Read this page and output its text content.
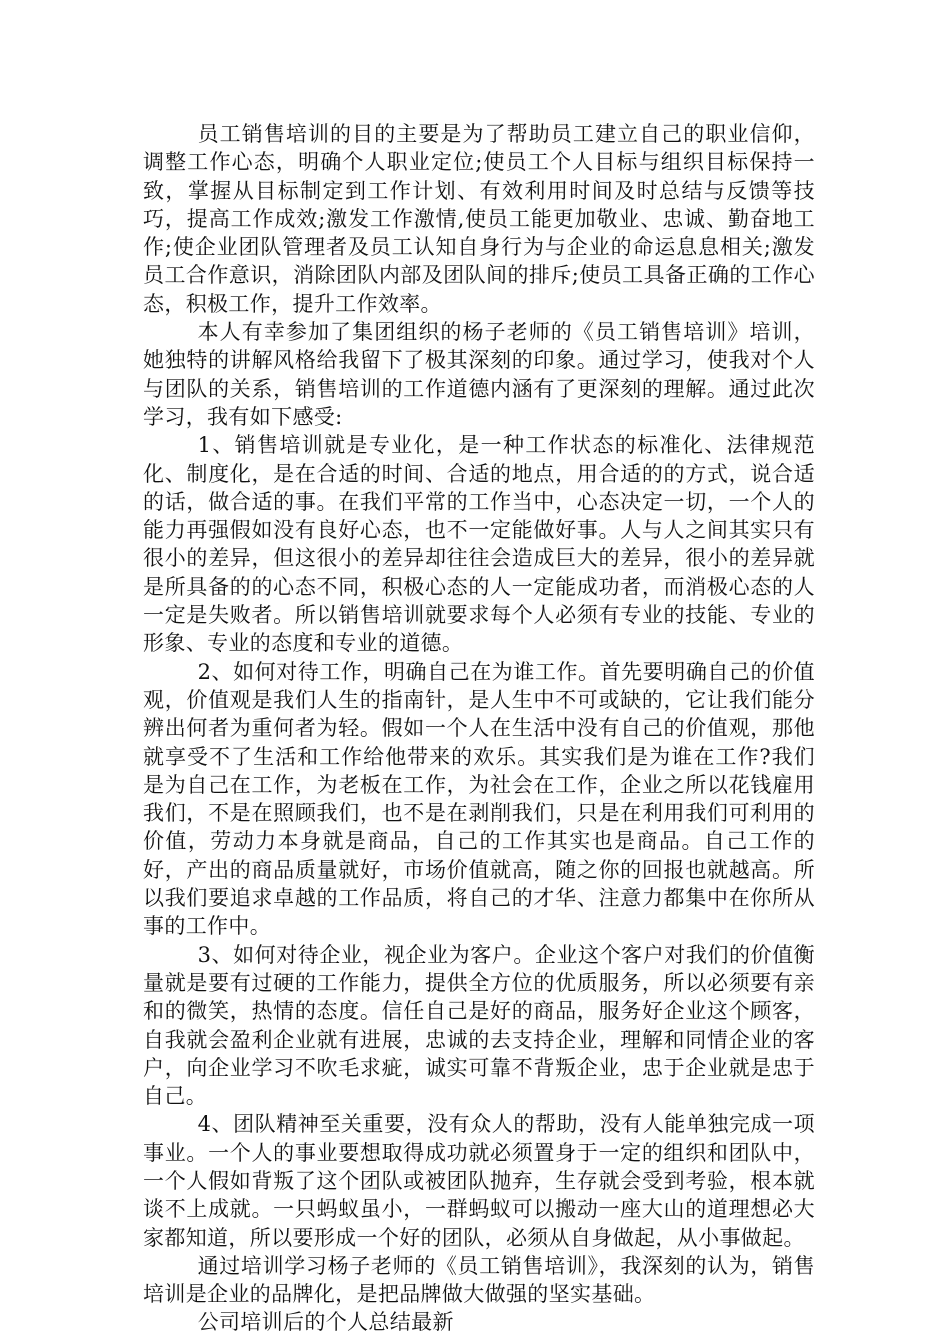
员工销售培训的目的主要是为了帮助员工建立自己的职业信仰，调整工作心态，明确个人职业定位;使员工个人目标与组织目标保持一致，掌握从目标制定到工作计划、有效利用时间及时总结与反馈等技巧，提高工作成效;激发工作激情,使员工能更加敬业、忠诚、勤奋地工作;使企业团队管理者及员工认知自身行为与企业的命运息息相关;激发员工合作意识，消除团队内部及团队间的排斥;使员工具备正确的工作心态，积极工作，提升工作效率。

本人有幸参加了集团组织的杨子老师的《员工销售培训》培训，她独特的讲解风格给我留下了极其深刻的印象。通过学习，使我对个人与团队的关系，销售培训的工作道德内涵有了更深刻的理解。通过此次学习，我有如下感受:

1、销售培训就是专业化，是一种工作状态的标准化、法律规范化、制度化，是在合适的时间、合适的地点，用合适的的方式，说合适的话，做合适的事。在我们平常的工作当中，心态决定一切，一个人的能力再强假如没有良好心态，也不一定能做好事。人与人之间其实只有很小的差异，但这很小的差异却往往会造成巨大的差异，很小的差异就是所具备的的心态不同，积极心态的人一定能成功者，而消极心态的人一定是失败者。所以销售培训就要求每个人必须有专业的技能、专业的形象、专业的态度和专业的道德。

2、如何对待工作，明确自己在为谁工作。首先要明确自己的价值观，价值观是我们人生的指南针，是人生中不可或缺的，它让我们能分辨出何者为重何者为轻。假如一个人在生活中没有自己的价值观，那他就享受不了生活和工作给他带来的欢乐。其实我们是为谁在工作?我们是为自己在工作，为老板在工作，为社会在工作，企业之所以花钱雇用我们，不是在照顾我们，也不是在剥削我们，只是在利用我们可利用的价值，劳动力本身就是商品，自己的工作其实也是商品。自己工作的好，产出的商品质量就好，市场价值就高，随之你的回报也就越高。所以我们要追求卓越的工作品质，将自己的才华、注意力都集中在你所从事的工作中。

3、如何对待企业，视企业为客户。企业这个客户对我们的价值衡量就是要有过硬的工作能力，提供全方位的优质服务，所以必须要有亲和的微笑，热情的态度。信任自己是好的商品，服务好企业这个顾客，自我就会盈利企业就有进展，忠诚的去支持企业，理解和同情企业的客户，向企业学习不吹毛求疵，诚实可靠不背叛企业，忠于企业就是忠于自己。

4、团队精神至关重要，没有众人的帮助，没有人能单独完成一项事业。一个人的事业要想取得成功就必须置身于一定的组织和团队中，一个人假如背叛了这个团队或被团队抛弃，生存就会受到考验，根本就谈不上成就。一只蚂蚁虽小，一群蚂蚁可以搬动一座大山的道理想必大家都知道，所以要形成一个好的团队，必须从自身做起，从小事做起。

通过培训学习杨子老师的《员工销售培训》，我深刻的认为，销售培训是企业的品牌化，是把品牌做大做强的坚实基础。

公司培训后的个人总结最新
